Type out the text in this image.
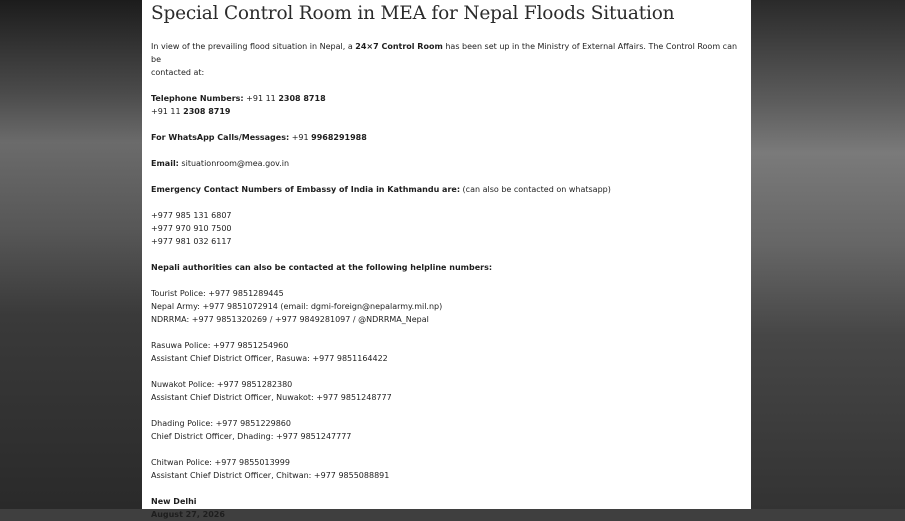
Special Control Room in MEA for Nepal Floods Situation

In view of the prevailing flood situation in Nepal, a 24×7 Control Room has been set up in the Ministry of External Affairs. The Control Room can be

contacted at:

Telephone Numbers: +91 11 2308 8718

+91 11 2308 8719

For WhatsApp Calls/Messages: +91 9968291988

Email: situationroom@mea.gov.in

Emergency Contact Numbers of Embassy of India in Kathmandu are: (can also be contacted on whatsapp)

+977 985 131 6807

+977 970 910 7500

+977 981 032 6117

Nepali authorities can also be contacted at the following helpline numbers:

Tourist Police: +977 9851289445

Nepal Army: +977 9851072914 (email: dgmi-foreign@nepalarmy.mil.np)

NDRRMA: +977 9851320269 / +977 9849281097 / @NDRRMA_Nepal

Rasuwa Police: +977 9851254960

Assistant Chief District Officer, Rasuwa: +977 9851164422

Nuwakot Police: +977 9851282380

Assistant Chief District Officer, Nuwakot: +977 9851248777

Dhading Police: +977 9851229860

Chief District Officer, Dhading: +977 9851247777

Chitwan Police: +977 9855013999

Assistant Chief District Officer, Chitwan: +977 9855088891

New Delhi

August 27, 2026
